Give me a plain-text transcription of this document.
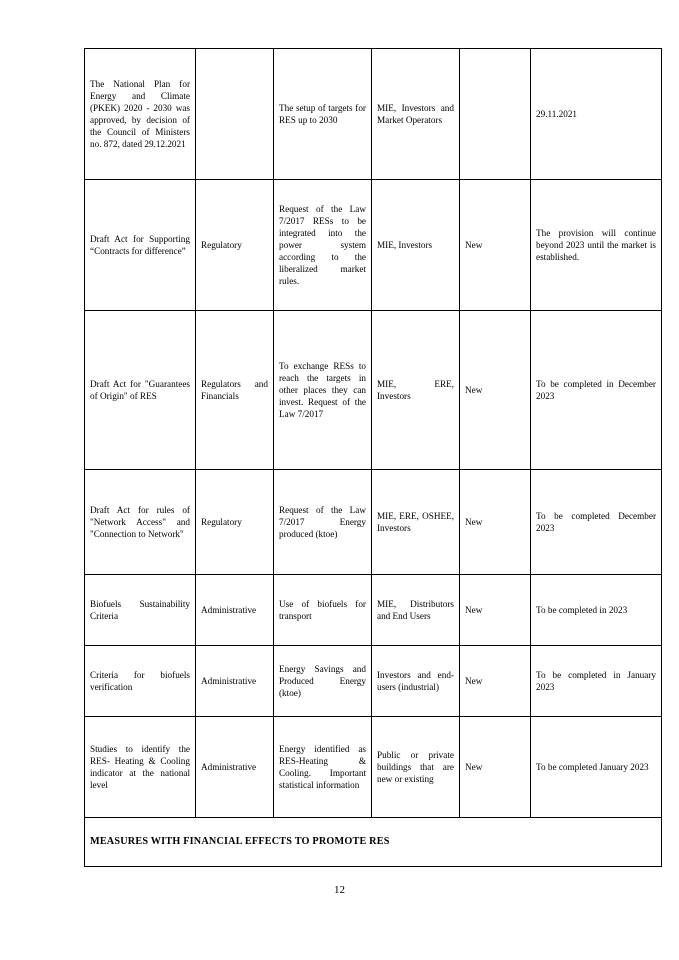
The National Plan for Energy and Climate (PKEK) 2020 - 2030 was approved, by decision of the Council of Ministers no. 872, dated 29.12.2021		The setup of targets for RES up to 2030	MIE, Investors and Market Operators		29.11.2021
Draft Act for Supporting “Contracts for difference”	Regulatory	Request of the Law 7/2017 RESs to be integrated into the power system according to the liberalized market rules.	MIE, Investors	New	The provision will continue beyond 2023 until the market is established.
Draft Act for "Guarantees of Origin" of RES	Regulators and Financials	To exchange RESs to reach the targets in other places they can invest. Request of the Law 7/2017	MIE, ERE, Investors	New	To be completed in December 2023
Draft Act for rules of "Network Access" and "Connection to Network"	Regulatory	Request of the Law 7/2017 Energy produced (ktoe)	MIE, ERE, OSHEE, Investors	New	To be completed December 2023
Biofuels Sustainability Criteria	Administrative	Use of biofuels for transport	MIE, Distributors and End Users	New	To be completed in 2023
Criteria for biofuels verification	Administrative	Energy Savings and Produced Energy (ktoe)	Investors and end-users (industrial)	New	To be completed in January 2023
Studies to identify the RES- Heating & Cooling indicator at the national level	Administrative	Energy identified as RES-Heating & Cooling. Important statistical information	Public or private buildings that are new or existing	New	To be completed January 2023
MEASURES WITH FINANCIAL EFFECTS TO PROMOTE RES					
12
